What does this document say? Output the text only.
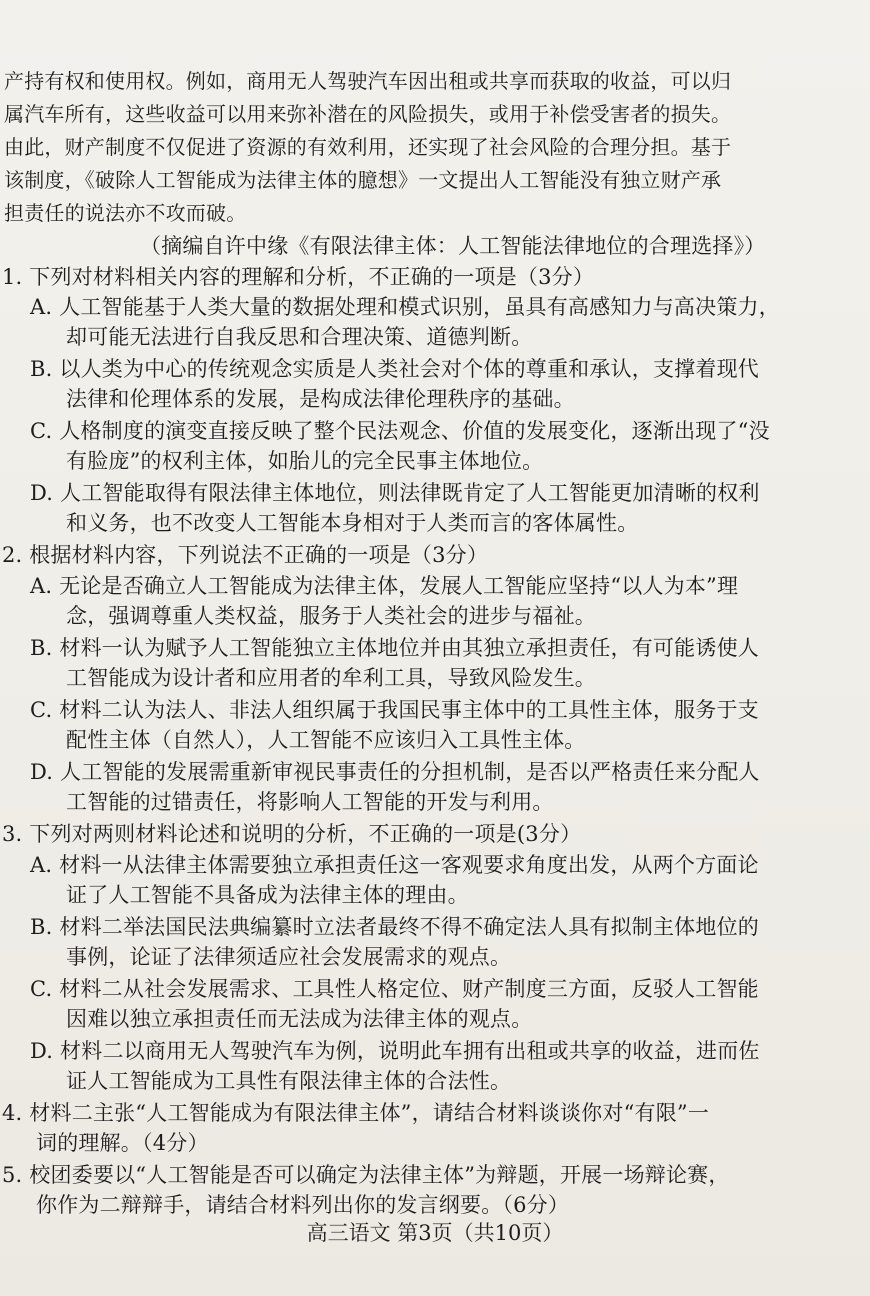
产持有权和使用权。例如，商用无人驾驶汽车因出租或共享而获取的收益，可以归
属汽车所有，这些收益可以用来弥补潜在的风险损失，或用于补偿受害者的损失。
由此，财产制度不仅促进了资源的有效利用，还实现了社会风险的合理分担。基于
该制度，《破除人工智能成为法律主体的臆想》一文提出人工智能没有独立财产承
担责任的说法亦不攻而破。
（摘编自许中缘《有限法律主体：人工智能法律地位的合理选择》）
1. 下列对材料相关内容的理解和分析，不正确的一项是（3分）
A. 人工智能基于人类大量的数据处理和模式识别，虽具有高感知力与高决策力，
却可能无法进行自我反思和合理决策、道德判断。
B. 以人类为中心的传统观念实质是人类社会对个体的尊重和承认，支撑着现代
法律和伦理体系的发展，是构成法律伦理秩序的基础。
C. 人格制度的演变直接反映了整个民法观念、价值的发展变化，逐渐出现了“没
有脸庞”的权利主体，如胎儿的完全民事主体地位。
D. 人工智能取得有限法律主体地位，则法律既肯定了人工智能更加清晰的权利
和义务，也不改变人工智能本身相对于人类而言的客体属性。
2. 根据材料内容，下列说法不正确的一项是（3分）
A. 无论是否确立人工智能成为法律主体，发展人工智能应坚持“以人为本”理
念，强调尊重人类权益，服务于人类社会的进步与福祉。
B. 材料一认为赋予人工智能独立主体地位并由其独立承担责任，有可能诱使人
工智能成为设计者和应用者的牟利工具，导致风险发生。
C. 材料二认为法人、非法人组织属于我国民事主体中的工具性主体，服务于支
配性主体（自然人），人工智能不应该归入工具性主体。
D. 人工智能的发展需重新审视民事责任的分担机制，是否以严格责任来分配人
工智能的过错责任，将影响人工智能的开发与利用。
3. 下列对两则材料论述和说明的分析，不正确的一项是(3分）
A. 材料一从法律主体需要独立承担责任这一客观要求角度出发，从两个方面论
证了人工智能不具备成为法律主体的理由。
B. 材料二举法国民法典编纂时立法者最终不得不确定法人具有拟制主体地位的
事例，论证了法律须适应社会发展需求的观点。
C. 材料二从社会发展需求、工具性人格定位、财产制度三方面，反驳人工智能
因难以独立承担责任而无法成为法律主体的观点。
D. 材料二以商用无人驾驶汽车为例，说明此车拥有出租或共享的收益，进而佐
证人工智能成为工具性有限法律主体的合法性。
4. 材料二主张“人工智能成为有限法律主体”，请结合材料谈谈你对“有限”一
词的理解。（4分）
5. 校团委要以“人工智能是否可以确定为法律主体”为辩题，开展一场辩论赛，
你作为二辩辩手，请结合材料列出你的发言纲要。（6分）
高三语文 第3页（共10页）
